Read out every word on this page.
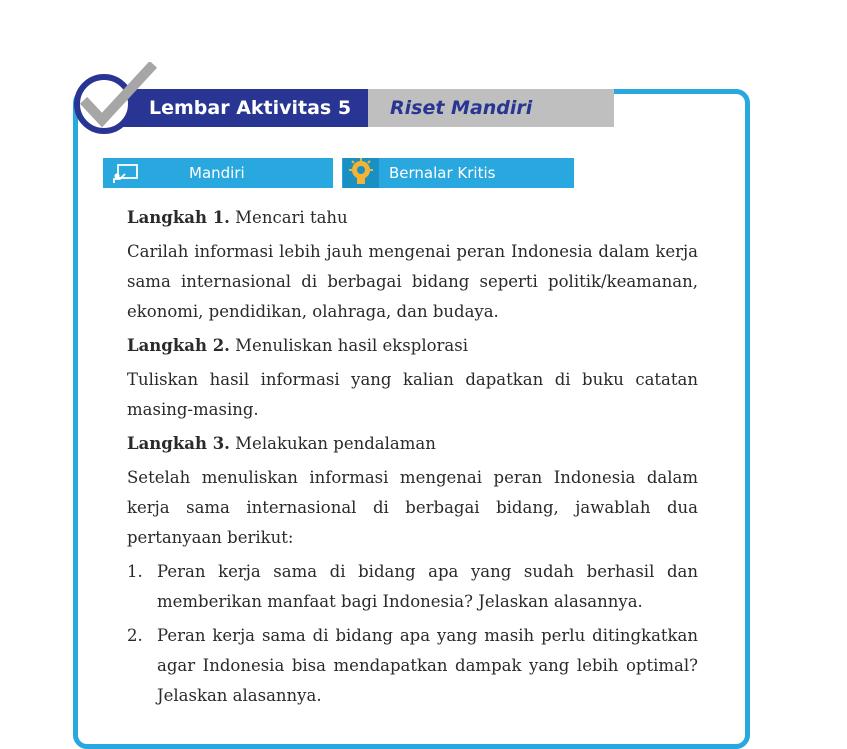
Lembar Aktivitas 5	Riset Mandiri
Mandiri	Bernalar Kritis

Langkah 1. Mencari tahu

Carilah informasi lebih jauh mengenai peran Indonesia dalam kerja sama internasional di berbagai bidang seperti politik/keamanan, ekonomi, pendidikan, olahraga, dan budaya.

Langkah 2. Menuliskan hasil eksplorasi

Tuliskan hasil informasi yang kalian dapatkan di buku catatan masing-masing.

Langkah 3. Melakukan pendalaman

Setelah menuliskan informasi mengenai peran Indonesia dalam kerja sama internasional di berbagai bidang, jawablah dua pertanyaan berikut:

1. Peran kerja sama di bidang apa yang sudah berhasil dan memberikan manfaat bagi Indonesia? Jelaskan alasannya.
2. Peran kerja sama di bidang apa yang masih perlu ditingkatkan agar Indonesia bisa mendapatkan dampak yang lebih optimal? Jelaskan alasannya.
